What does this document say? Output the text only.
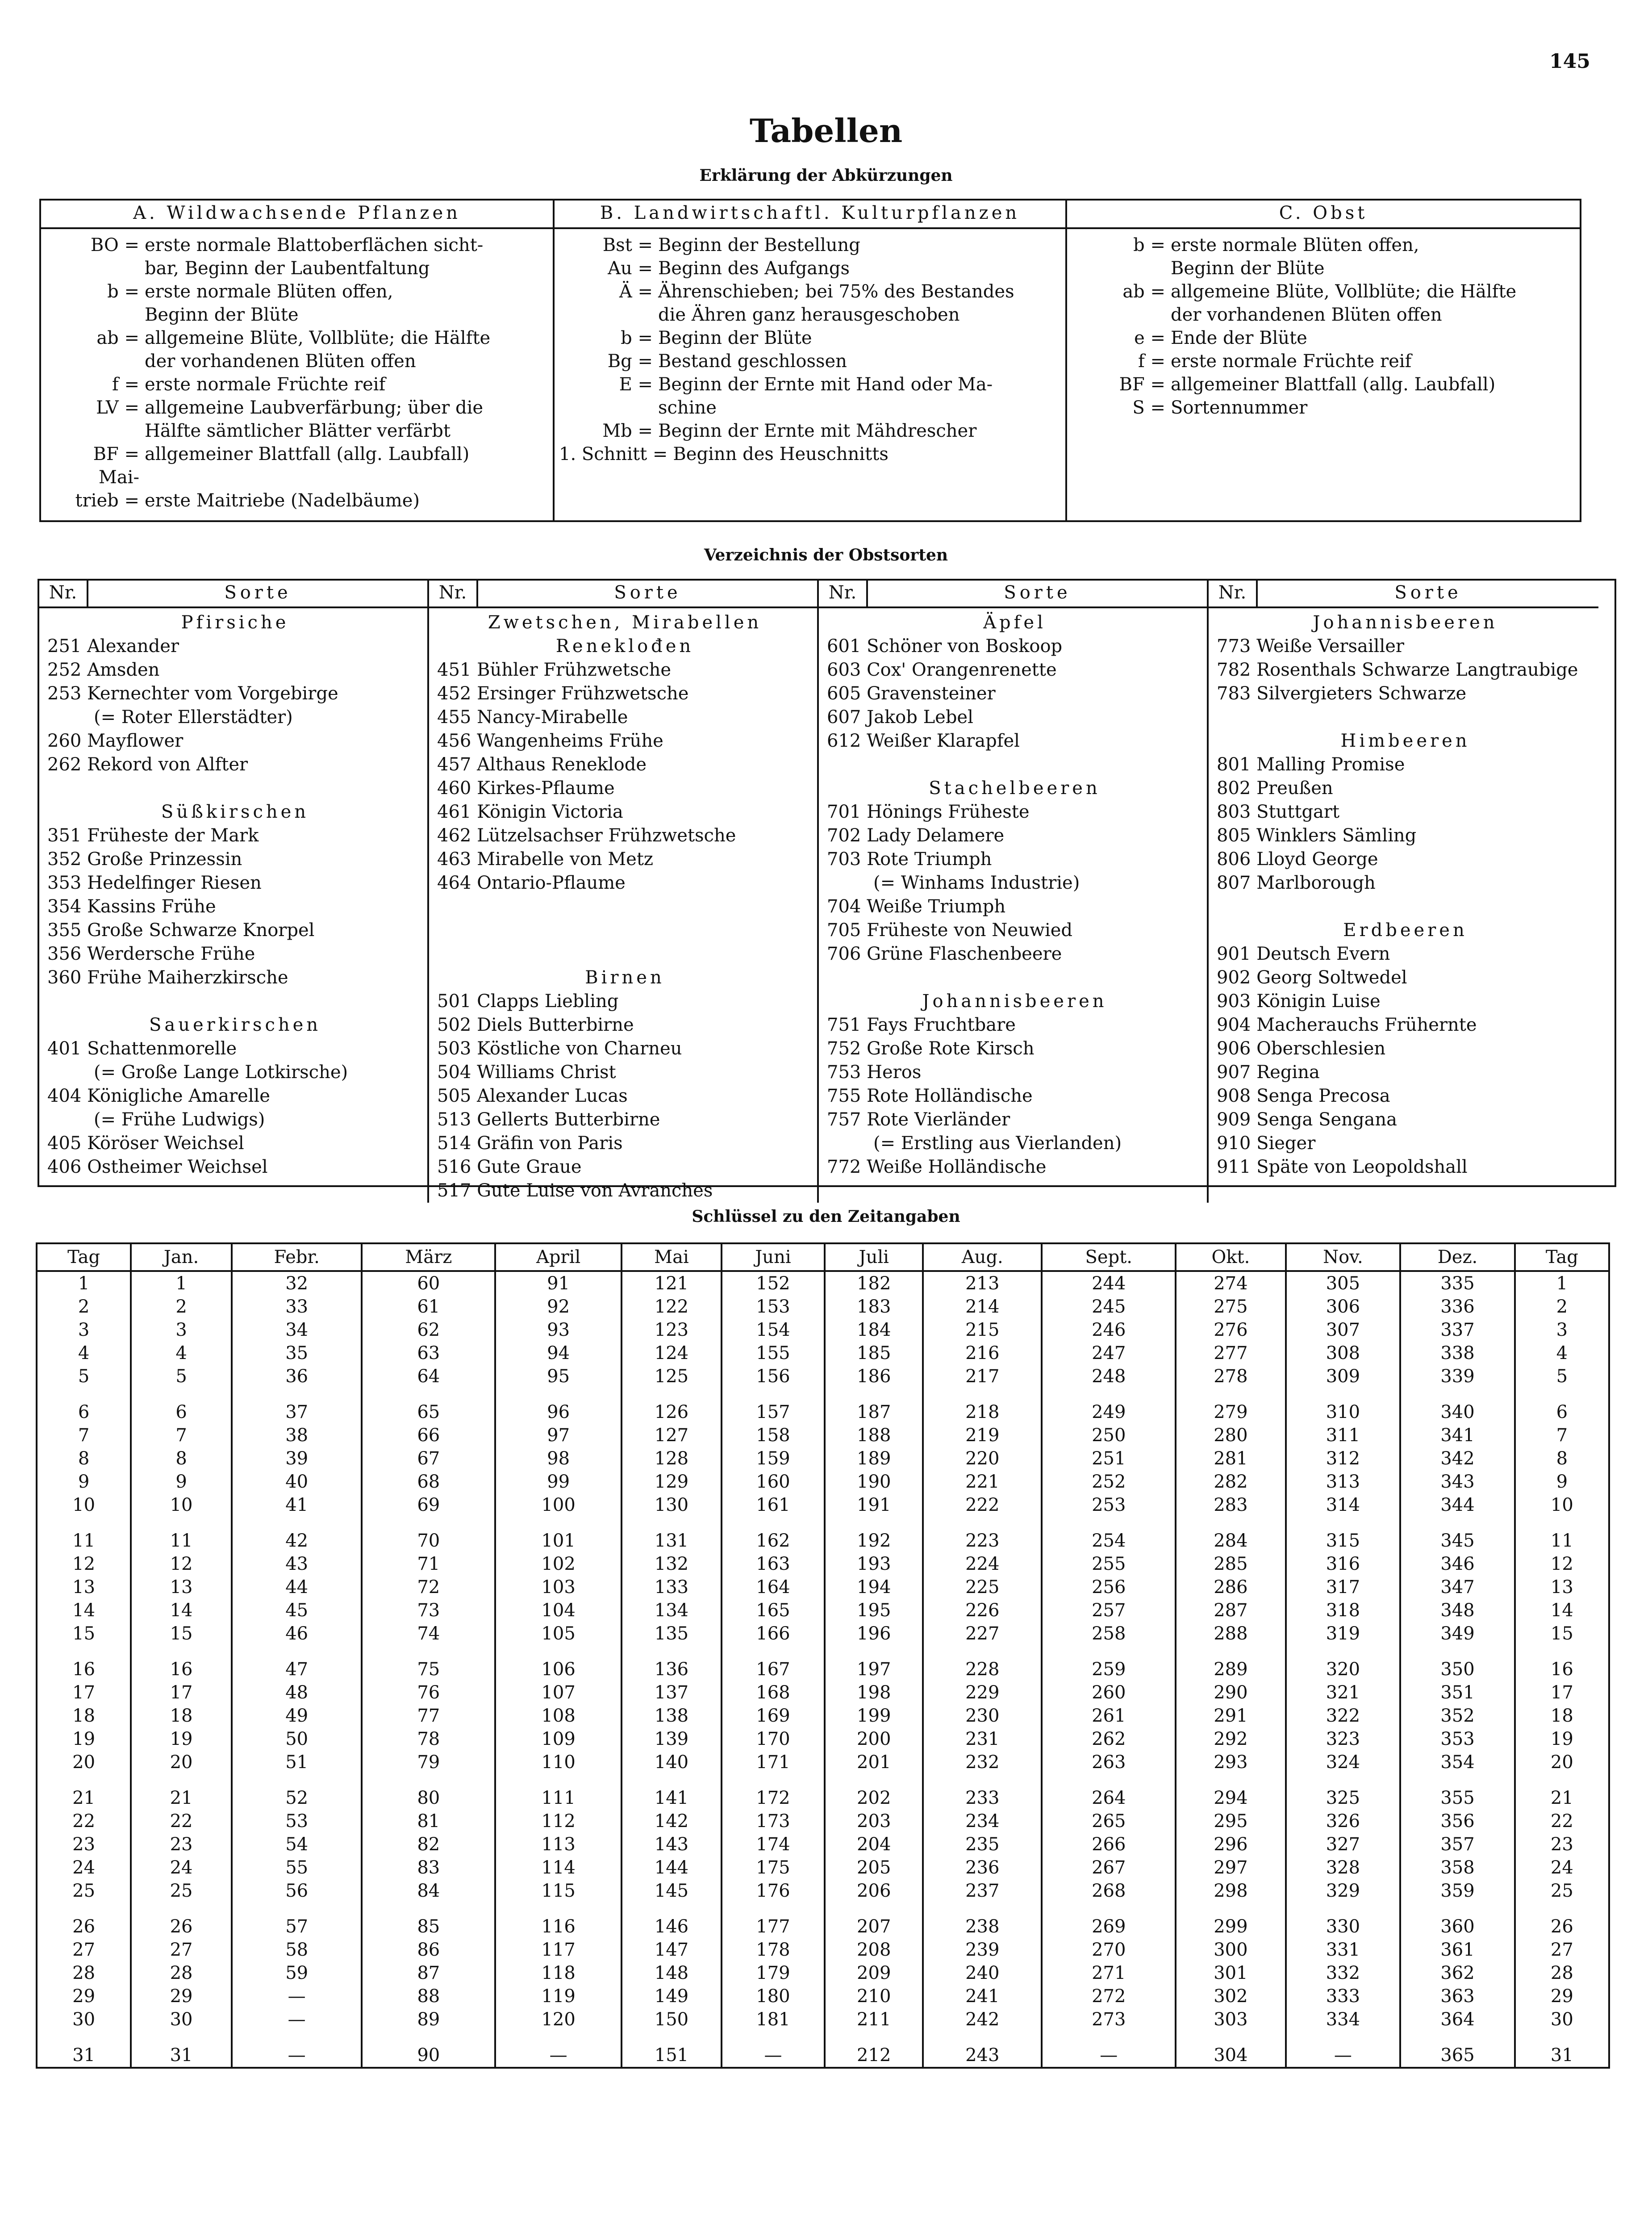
145
Tabellen
Erklärung der Abkürzungen
A. Wildwachsende Pflanzen
BO = erste normale Blattoberflächen sicht-
bar, Beginn der Laubentfaltung
b = erste normale Blüten offen,
Beginn der Blüte
ab = allgemeine Blüte, Vollblüte; die Hälfte
der vorhandenen Blüten offen
f = erste normale Früchte reif
LV = allgemeine Laubverfärbung; über die
Hälfte sämtlicher Blätter verfärbt
BF = allgemeiner Blattfall (allg. Laubfall)
Mai-

trieb = erste Maitriebe (Nadelbäume)
B. Landwirtschaftl. Kulturpflanzen
Bst = Beginn der Bestellung
Au = Beginn des Aufgangs
Ä = Ährenschieben; bei 75% des Bestandes
die Ähren ganz herausgeschoben
b = Beginn der Blüte
Bg = Bestand geschlossen
E = Beginn der Ernte mit Hand oder Ma-
schine
Mb = Beginn der Ernte mit Mähdrescher
1. Schnitt = Beginn des Heuschnitts
C. Obst
b = erste normale Blüten offen,
Beginn der Blüte
ab = allgemeine Blüte, Vollblüte; die Hälfte
der vorhandenen Blüten offen
e = Ende der Blüte
f = erste normale Früchte reif
BF = allgemeiner Blattfall (allg. Laubfall)
S = Sortennummer
Verzeichnis der Obstsorten
Nr.	Sorte
Pfirsiche
251 Alexander
252 Amsden
253 Kernechter vom Vorgebirge
(= Roter Ellerstädter)
260 Mayflower
262 Rekord von Alfter
Süßkirschen
351 Früheste der Mark
352 Große Prinzessin
353 Hedelfinger Riesen
354 Kassins Frühe
355 Große Schwarze Knorpel
356 Werdersche Frühe
360 Frühe Maiherzkirsche
Sauerkirschen
401 Schattenmorelle
(= Große Lange Lotkirsche)
404 Königliche Amarelle
(= Frühe Ludwigs)
405 Köröser Weichsel
406 Ostheimer Weichsel
Nr.	Sorte
Zwetschen, Mirabellen
Reneklođen
451 Bühler Frühzwetsche
452 Ersinger Frühzwetsche
455 Nancy-Mirabelle
456 Wangenheims Frühe
457 Althaus Reneklode
460 Kirkes-Pflaume
461 Königin Victoria
462 Lützelsachser Frühzwetsche
463 Mirabelle von Metz
464 Ontario-Pflaume
Birnen
501 Clapps Liebling
502 Diels Butterbirne
503 Köstliche von Charneu
504 Williams Christ
505 Alexander Lucas
513 Gellerts Butterbirne
514 Gräfin von Paris
516 Gute Graue
517 Gute Luise von Avranches
Nr.	Sorte
Äpfel
601 Schöner von Boskoop
603 Cox' Orangenrenette
605 Gravensteiner
607 Jakob Lebel
612 Weißer Klarapfel
Stachelbeeren
701 Hönings Früheste
702 Lady Delamere
703 Rote Triumph
(= Winhams Industrie)
704 Weiße Triumph
705 Früheste von Neuwied
706 Grüne Flaschenbeere
Johannisbeeren
751 Fays Fruchtbare
752 Große Rote Kirsch
753 Heros
755 Rote Holländische
757 Rote Vierländer
(= Erstling aus Vierlanden)
772 Weiße Holländische
Nr.	Sorte
Johannisbeeren
773 Weiße Versailler
782 Rosenthals Schwarze Langtraubige
783 Silvergieters Schwarze
Himbeeren
801 Malling Promise
802 Preußen
803 Stuttgart
805 Winklers Sämling
806 Lloyd George
807 Marlborough
Erdbeeren
901 Deutsch Evern
902 Georg Soltwedel
903 Königin Luise
904 Macherauchs Frühernte
906 Oberschlesien
907 Regina
908 Senga Precosa
909 Senga Sengana
910 Sieger
911 Späte von Leopoldshall
Schlüssel zu den Zeitangaben
Tag	Jan.	Febr.	März	April	Mai	Juni	Juli	Aug.	Sept.	Okt.	Nov.	Dez.	Tag
1	1	32	60	91	121	152	182	213	244	274	305	335	1
2	2	33	61	92	122	153	183	214	245	275	306	336	2
3	3	34	62	93	123	154	184	215	246	276	307	337	3
4	4	35	63	94	124	155	185	216	247	277	308	338	4
5	5	36	64	95	125	156	186	217	248	278	309	339	5
6	6	37	65	96	126	157	187	218	249	279	310	340	6
7	7	38	66	97	127	158	188	219	250	280	311	341	7
8	8	39	67	98	128	159	189	220	251	281	312	342	8
9	9	40	68	99	129	160	190	221	252	282	313	343	9
10	10	41	69	100	130	161	191	222	253	283	314	344	10
11	11	42	70	101	131	162	192	223	254	284	315	345	11
12	12	43	71	102	132	163	193	224	255	285	316	346	12
13	13	44	72	103	133	164	194	225	256	286	317	347	13
14	14	45	73	104	134	165	195	226	257	287	318	348	14
15	15	46	74	105	135	166	196	227	258	288	319	349	15
16	16	47	75	106	136	167	197	228	259	289	320	350	16
17	17	48	76	107	137	168	198	229	260	290	321	351	17
18	18	49	77	108	138	169	199	230	261	291	322	352	18
19	19	50	78	109	139	170	200	231	262	292	323	353	19
20	20	51	79	110	140	171	201	232	263	293	324	354	20
21	21	52	80	111	141	172	202	233	264	294	325	355	21
22	22	53	81	112	142	173	203	234	265	295	326	356	22
23	23	54	82	113	143	174	204	235	266	296	327	357	23
24	24	55	83	114	144	175	205	236	267	297	328	358	24
25	25	56	84	115	145	176	206	237	268	298	329	359	25
26	26	57	85	116	146	177	207	238	269	299	330	360	26
27	27	58	86	117	147	178	208	239	270	300	331	361	27
28	28	59	87	118	148	179	209	240	271	301	332	362	28
29	29	—	88	119	149	180	210	241	272	302	333	363	29
30	30	—	89	120	150	181	211	242	273	303	334	364	30
31	31	—	90	—	151	—	212	243	—	304	—	365	31
